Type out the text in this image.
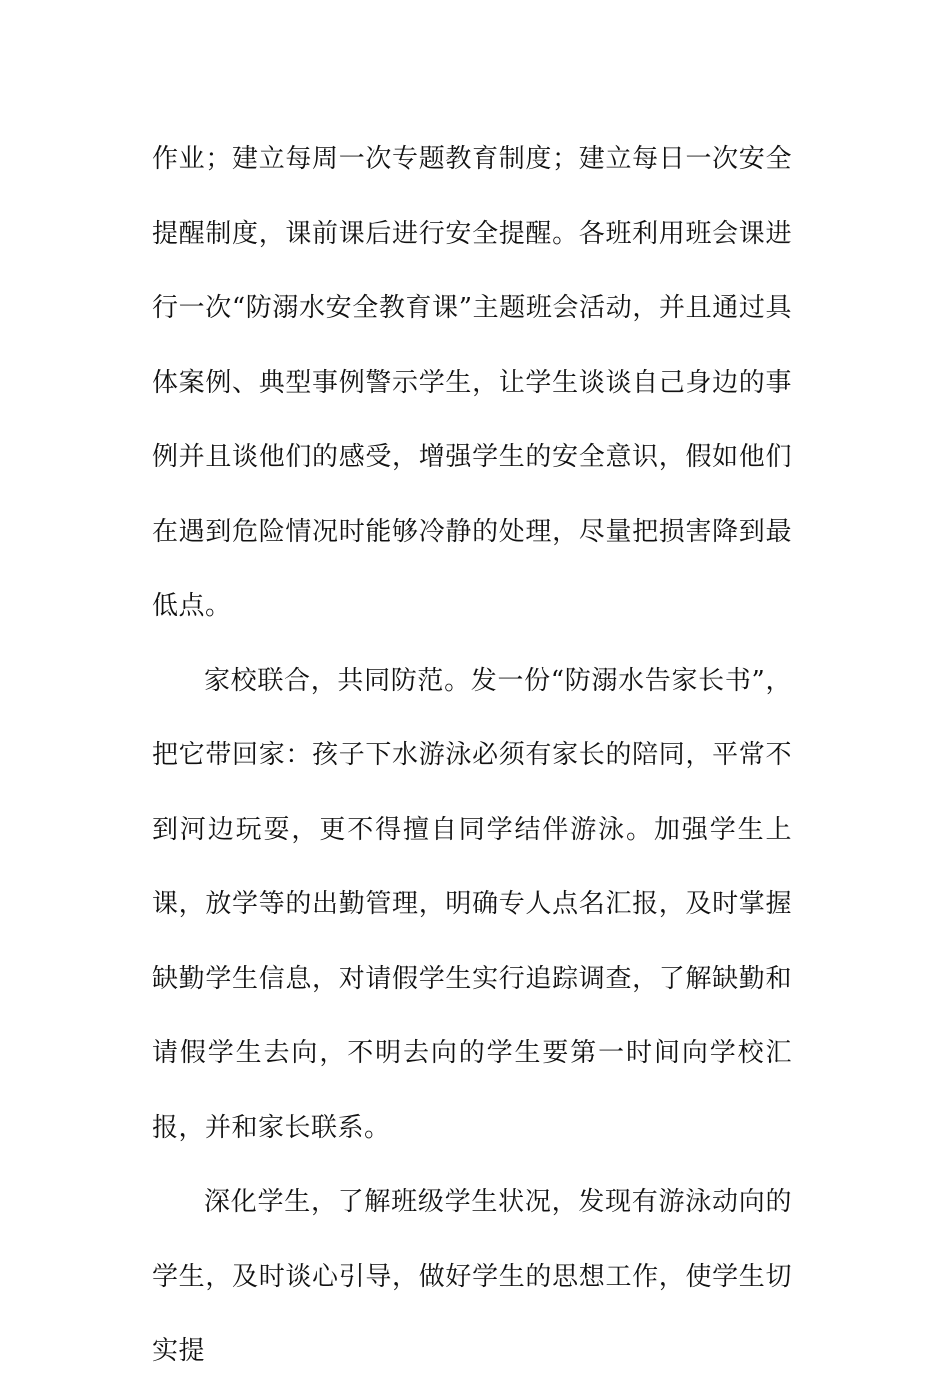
作业；建立每周一次专题教育制度；建立每日一次安全提醒制度，课前课后进行安全提醒。各班利用班会课进行一次“防溺水安全教育课”主题班会活动，并且通过具体案例、典型事例警示学生，让学生谈谈自己身边的事例并且谈他们的感受，增强学生的安全意识，假如他们在遇到危险情况时能够冷静的处理，尽量把损害降到最低点。

家校联合，共同防范。发一份“防溺水告家长书”，把它带回家：孩子下水游泳必须有家长的陪同，平常不到河边玩耍，更不得擅自同学结伴游泳。加强学生上课，放学等的出勤管理，明确专人点名汇报，及时掌握缺勤学生信息，对请假学生实行追踪调查，了解缺勤和请假学生去向，不明去向的学生要第一时间向学校汇报，并和家长联系。

深化学生，了解班级学生状况，发现有游泳动向的学生，及时谈心引导，做好学生的思想工作，使学生切实提
